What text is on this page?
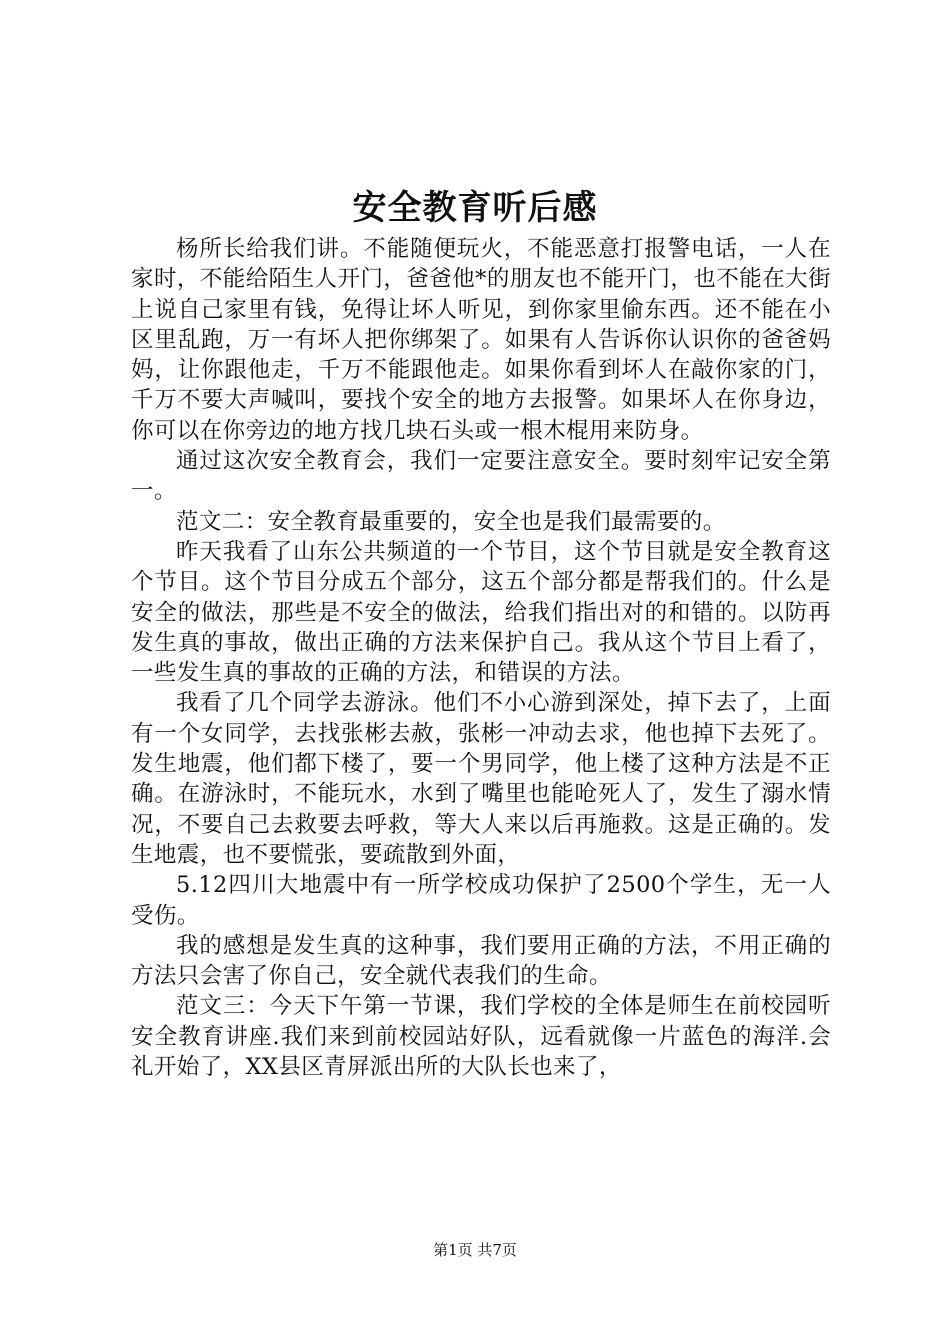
安全教育听后感

杨所长给我们讲。不能随便玩火，不能恶意打报警电话，一人在家时，不能给陌生人开门，爸爸他*的朋友也不能开门，也不能在大街上说自己家里有钱，免得让坏人听见，到你家里偷东西。还不能在小区里乱跑，万一有坏人把你绑架了。如果有人告诉你认识你的爸爸妈妈，让你跟他走，千万不能跟他走。如果你看到坏人在敲你家的门，千万不要大声喊叫，要找个安全的地方去报警。如果坏人在你身边，你可以在你旁边的地方找几块石头或一根木棍用来防身。

通过这次安全教育会，我们一定要注意安全。要时刻牢记安全第一。

范文二：安全教育最重要的，安全也是我们最需要的。

昨天我看了山东公共频道的一个节目，这个节目就是安全教育这个节目。这个节目分成五个部分，这五个部分都是帮我们的。什么是安全的做法，那些是不安全的做法，给我们指出对的和错的。以防再发生真的事故，做出正确的方法来保护自己。我从这个节目上看了，一些发生真的事故的正确的方法，和错误的方法。

我看了几个同学去游泳。他们不小心游到深处，掉下去了，上面有一个女同学，去找张彬去赦，张彬一冲动去求，他也掉下去死了。发生地震，他们都下楼了，要一个男同学，他上楼了这种方法是不正确。在游泳时，不能玩水，水到了嘴里也能呛死人了，发生了溺水情况，不要自己去救要去呼救，等大人来以后再施救。这是正确的。发生地震，也不要慌张，要疏散到外面，

5.12四川大地震中有一所学校成功保护了2500个学生，无一人受伤。

我的感想是发生真的这种事，我们要用正确的方法，不用正确的方法只会害了你自己，安全就代表我们的生命。

范文三：今天下午第一节课，我们学校的全体是师生在前校园听安全教育讲座.我们来到前校园站好队，远看就像一片蓝色的海洋.会礼开始了，XX县区青屏派出所的大队长也来了，

第1页 共7页
